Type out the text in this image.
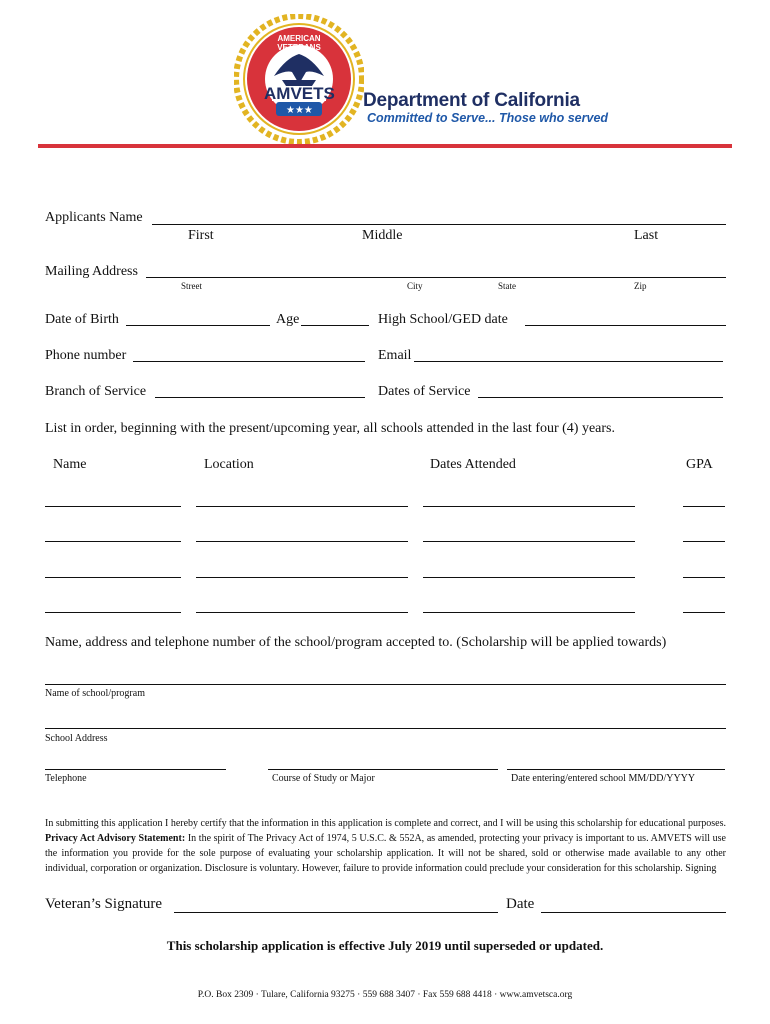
★★★
AMVETS
AMERICAN VETERANS
Department of California
Committed to Serve... Those who served
Applicants Name
First	Middle	Last
Mailing Address
Street	City	State	Zip
Date of Birth	Age	High School/GED date
Phone number	Email
Branch of Service	Dates of Service
List in order, beginning with the present/upcoming year, all schools attended in the last four (4) years.
Name	Location	Dates Attended	GPA
Name, address and telephone number of the school/program accepted to. (Scholarship will be applied towards)
Name of school/program
School Address
Telephone	Course of Study or Major	Date entering/entered school MM/DD/YYYY
In submitting this application I hereby certify that the information in this application is complete and correct, and I will be using this scholarship for educational purposes. Privacy Act Advisory Statement: In the spirit of The Privacy Act of 1974, 5 U.S.C. & 552A, as amended, protecting your privacy is important to us. AMVETS will use the information you provide for the sole purpose of evaluating your scholarship application. It will not be shared, sold or otherwise made available to any other individual, corporation or organization. Disclosure is voluntary. However, failure to provide information could preclude your consideration for this scholarship. Signing
Veteran’s Signature	Date
This scholarship application is effective July 2019 until superseded or updated.
P.O. Box 2309 · Tulare, California 93275 · 559 688 3407 · Fax 559 688 4418 · www.amvetsca.org
